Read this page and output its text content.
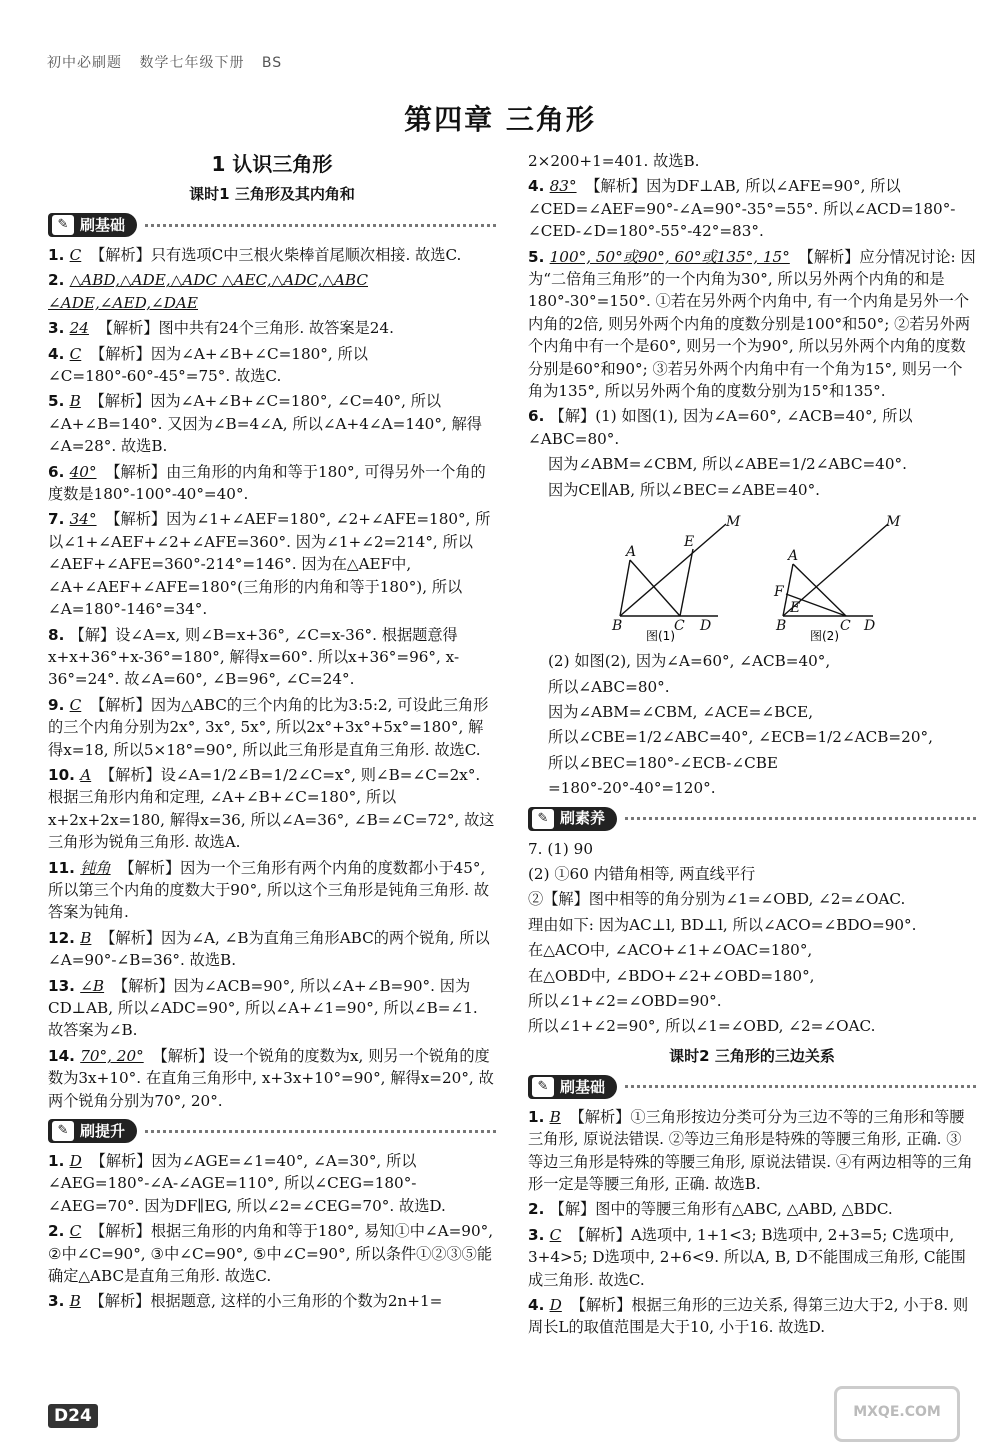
初中必刷题 数学七年级下册 BS
第四章 三角形
1 认识三角形
课时1 三角形及其内角和
✎ 刷基础
1. C 【解析】只有选项C中三根火柴棒首尾顺次相接. 故选C.
2. △ABD,△ADE,△ADC △AEC,△ADC,△ABC ∠ADE,∠AED,∠DAE
3. 24 【解析】图中共有24个三角形. 故答案是24.
4. C 【解析】因为∠A+∠B+∠C=180°, 所以∠C=180°-60°-45°=75°. 故选C.
5. B 【解析】因为∠A+∠B+∠C=180°, ∠C=40°, 所以∠A+∠B=140°. 又因为∠B=4∠A, 所以∠A+4∠A=140°, 解得∠A=28°. 故选B.
6. 40° 【解析】由三角形的内角和等于180°, 可得另外一个角的度数是180°-100°-40°=40°.
7. 34° 【解析】因为∠1+∠AEF=180°, ∠2+∠AFE=180°, 所以∠1+∠AEF+∠2+∠AFE=360°. 因为∠1+∠2=214°, 所以∠AEF+∠AFE=360°-214°=146°. 因为在△AEF中, ∠A+∠AEF+∠AFE=180°(三角形的内角和等于180°), 所以∠A=180°-146°=34°.
8. 【解】设∠A=x, 则∠B=x+36°, ∠C=x-36°. 根据题意得x+x+36°+x-36°=180°, 解得x=60°. 所以x+36°=96°, x-36°=24°. 故∠A=60°, ∠B=96°, ∠C=24°.
9. C 【解析】因为△ABC的三个内角的比为3:5:2, 可设此三角形的三个内角分别为2x°, 3x°, 5x°, 所以2x°+3x°+5x°=180°, 解得x=18, 所以5×18°=90°, 所以此三角形是直角三角形. 故选C.
10. A 【解析】设∠A=1/2∠B=1/2∠C=x°, 则∠B=∠C=2x°. 根据三角形内角和定理, ∠A+∠B+∠C=180°, 所以x+2x+2x=180, 解得x=36, 所以∠A=36°, ∠B=∠C=72°, 故这三角形为锐角三角形. 故选A.
11. 钝角 【解析】因为一个三角形有两个内角的度数都小于45°, 所以第三个内角的度数大于90°, 所以这个三角形是钝角三角形. 故答案为钝角.
12. B 【解析】因为∠A, ∠B为直角三角形ABC的两个锐角, 所以∠A=90°-∠B=36°. 故选B.
13. ∠B 【解析】因为∠ACB=90°, 所以∠A+∠B=90°. 因为CD⊥AB, 所以∠ADC=90°, 所以∠A+∠1=90°, 所以∠B=∠1. 故答案为∠B.
14. 70°, 20° 【解析】设一个锐角的度数为x, 则另一个锐角的度数为3x+10°. 在直角三角形中, x+3x+10°=90°, 解得x=20°, 故两个锐角分别为70°, 20°.
✎ 刷提升
1. D 【解析】因为∠AGE=∠1=40°, ∠A=30°, 所以∠AEG=180°-∠A-∠AGE=110°, 所以∠CEG=180°-∠AEG=70°. 因为DF∥EG, 所以∠2=∠CEG=70°. 故选D.
2. C 【解析】根据三角形的内角和等于180°, 易知①中∠A=90°, ②中∠C=90°, ③中∠C=90°, ⑤中∠C=90°, 所以条件①②③⑤能确定△ABC是直角三角形. 故选C.
3. B 【解析】根据题意, 这样的小三角形的个数为2n+1=
2×200+1=401. 故选B.
4. 83° 【解析】因为DF⊥AB, 所以∠AFE=90°, 所以∠CED=∠AEF=90°-∠A=90°-35°=55°. 所以∠ACD=180°-∠CED-∠D=180°-55°-42°=83°.
5. 100°, 50°或90°, 60°或135°, 15° 【解析】应分情况讨论: 因为“二倍角三角形”的一个内角为30°, 所以另外两个内角的和是180°-30°=150°. ①若在另外两个内角中, 有一个内角是另外一个内角的2倍, 则另外两个内角的度数分别是100°和50°; ②若另外两个内角中有一个是60°, 则另一个为90°, 所以另外两个内角的度数分别是60°和90°; ③若另外两个内角中有一个角为15°, 则另一个角为135°, 所以另外两个角的度数分别为15°和135°.
6. 【解】(1) 如图(1), 因为∠A=60°, ∠ACB=40°, 所以∠ABC=80°.
因为∠ABM=∠CBM, 所以∠ABE=1/2∠ABC=40°.
因为CE∥AB, 所以∠BEC=∠ABE=40°.
A
B	C D
E
M
A
B	C D
F
E
M
图(1)	图(2)
(2) 如图(2), 因为∠A=60°, ∠ACB=40°,
所以∠ABC=80°.
因为∠ABM=∠CBM, ∠ACE=∠BCE,
所以∠CBE=1/2∠ABC=40°, ∠ECB=1/2∠ACB=20°,
所以∠BEC=180°-∠ECB-∠CBE
=180°-20°-40°=120°.
✎ 刷素养
7. (1) 90
(2) ①60 内错角相等, 两直线平行
②【解】图中相等的角分别为∠1=∠OBD, ∠2=∠OAC.
理由如下: 因为AC⊥l, BD⊥l, 所以∠ACO=∠BDO=90°.
在△ACO中, ∠ACO+∠1+∠OAC=180°,
在△OBD中, ∠BDO+∠2+∠OBD=180°,
所以∠1+∠2=∠OBD=90°.
所以∠1+∠2=90°, 所以∠1=∠OBD, ∠2=∠OAC.
课时2 三角形的三边关系
✎ 刷基础
1. B 【解析】①三角形按边分类可分为三边不等的三角形和等腰三角形, 原说法错误. ②等边三角形是特殊的等腰三角形, 正确. ③等边三角形是特殊的等腰三角形, 原说法错误. ④有两边相等的三角形一定是等腰三角形, 正确. 故选B.
2. 【解】图中的等腰三角形有△ABC, △ABD, △BDC.
3. C 【解析】A选项中, 1+1<3; B选项中, 2+3=5; C选项中, 3+4>5; D选项中, 2+6<9. 所以A, B, D不能围成三角形, C能围成三角形. 故选C.
4. D 【解析】根据三角形的三边关系, 得第三边大于2, 小于8. 则周长L的取值范围是大于10, 小于16. 故选D.
D24	MXQE.COM
